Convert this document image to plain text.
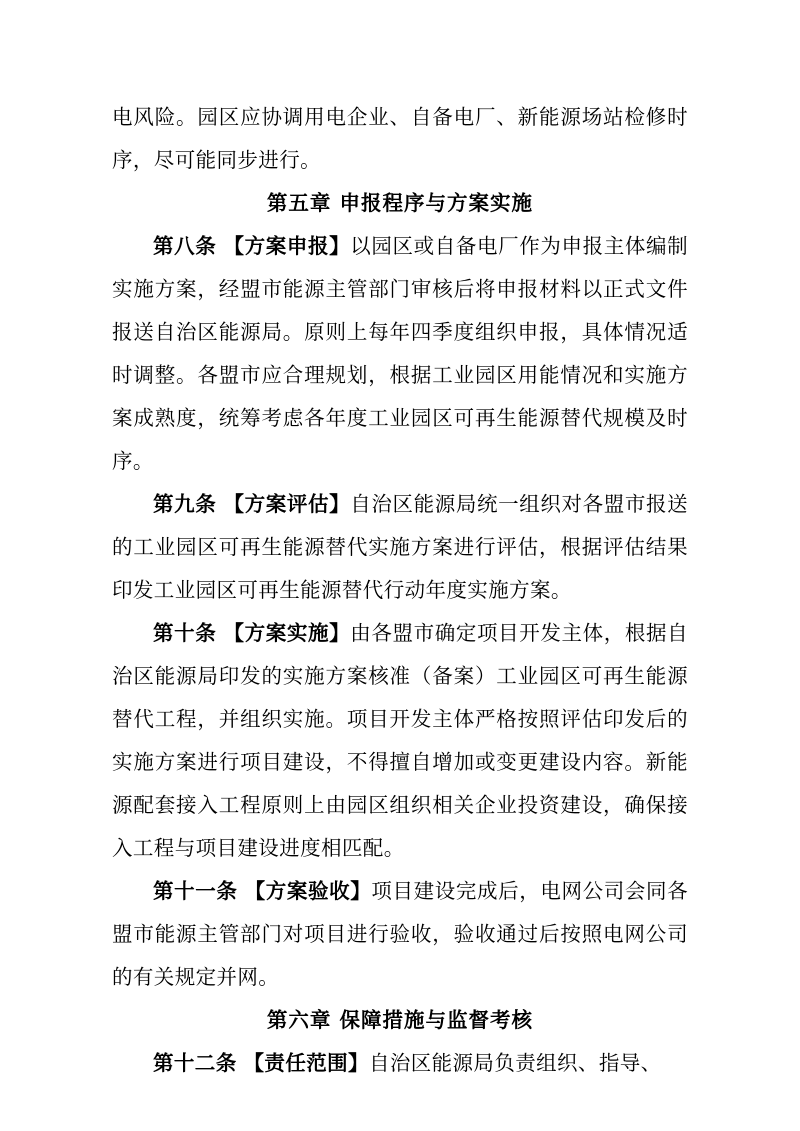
电风险。园区应协调用电企业、自备电厂、新能源场站检修时序，尽可能同步进行。

第五章 申报程序与方案实施

第八条 【方案申报】以园区或自备电厂作为申报主体编制实施方案，经盟市能源主管部门审核后将申报材料以正式文件报送自治区能源局。原则上每年四季度组织申报，具体情况适时调整。各盟市应合理规划，根据工业园区用能情况和实施方案成熟度，统筹考虑各年度工业园区可再生能源替代规模及时序。

第九条 【方案评估】自治区能源局统一组织对各盟市报送的工业园区可再生能源替代实施方案进行评估，根据评估结果印发工业园区可再生能源替代行动年度实施方案。

第十条 【方案实施】由各盟市确定项目开发主体，根据自治区能源局印发的实施方案核准（备案）工业园区可再生能源替代工程，并组织实施。项目开发主体严格按照评估印发后的实施方案进行项目建设，不得擅自增加或变更建设内容。新能源配套接入工程原则上由园区组织相关企业投资建设，确保接入工程与项目建设进度相匹配。

第十一条 【方案验收】项目建设完成后，电网公司会同各盟市能源主管部门对项目进行验收，验收通过后按照电网公司的有关规定并网。

第六章 保障措施与监督考核

第十二条 【责任范围】自治区能源局负责组织、指导、
